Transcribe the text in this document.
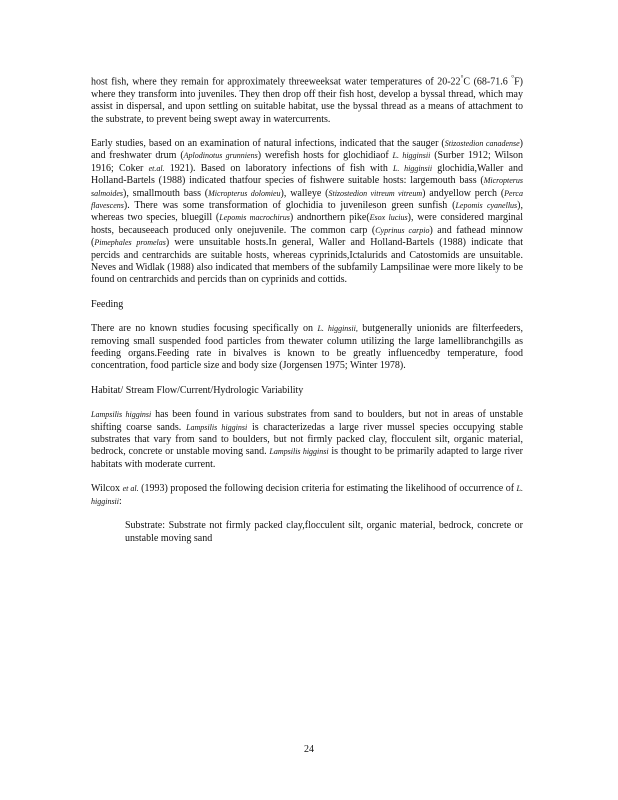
host fish, where they remain for approximately threeweeksat water temperatures of 20-22°C (68-71.6 °F) where they transform into juveniles. They then drop off their fish host, develop a byssal thread, which may assist in dispersal, and upon settling on suitable habitat, use the byssal thread as a means of attachment to the substrate, to prevent being swept away in watercurrents.

Early studies, based on an examination of natural infections, indicated that the sauger (Stizostedion canadense) and freshwater drum (Aplodinotus grunniens) werefish hosts for glochidiaof L. higginsii (Surber 1912; Wilson 1916; Coker et.al. 1921). Based on laboratory infections of fish with L. higginsii glochidia,Waller and Holland-Bartels (1988) indicated thatfour species of fishwere suitable hosts: largemouth bass (Micropterus salmoides), smallmouth bass (Micropterus dolomieu), walleye (Stizostedion vitreum vitreum) andyellow perch (Perca flavescens). There was some transformation of glochidia to juvenileson green sunfish (Lepomis cyanellus), whereas two species, bluegill (Lepomis macrochirus) andnorthern pike(Esox lucius), were considered marginal hosts, becauseeach produced only onejuvenile. The common carp (Cyprinus carpio) and fathead minnow (Pimephales promelas) were unsuitable hosts.In general, Waller and Holland-Bartels (1988) indicate that percids and centrarchids are suitable hosts, whereas cyprinids,Ictalurids and Catostomids are unsuitable. Neves and Widlak (1988) also indicated that members of the subfamily Lampsilinae were more likely to be found on centrarchids and percids than on cyprinids and cottids.

Feeding

There are no known studies focusing specifically on L. higginsii, butgenerally unionids are filterfeeders, removing small suspended food particles from thewater column utilizing the large lamellibranchgills as feeding organs.Feeding rate in bivalves is known to be greatly influencedby temperature, food concentration, food particle size and body size (Jorgensen 1975; Winter 1978).

Habitat/ Stream Flow/Current/Hydrologic Variability

Lampsilis higginsi has been found in various substrates from sand to boulders, but not in areas of unstable shifting coarse sands. Lampsilis higginsi is characterizedas a large river mussel species occupying stable substrates that vary from sand to boulders, but not firmly packed clay, flocculent silt, organic material, bedrock, concrete or unstable moving sand. Lampsilis higginsi is thought to be primarily adapted to large river habitats with moderate current.

Wilcox et al. (1993) proposed the following decision criteria for estimating the likelihood of occurrence of L. higginsii:

Substrate: Substrate not firmly packed clay,flocculent silt, organic material, bedrock, concrete or unstable moving sand
24
